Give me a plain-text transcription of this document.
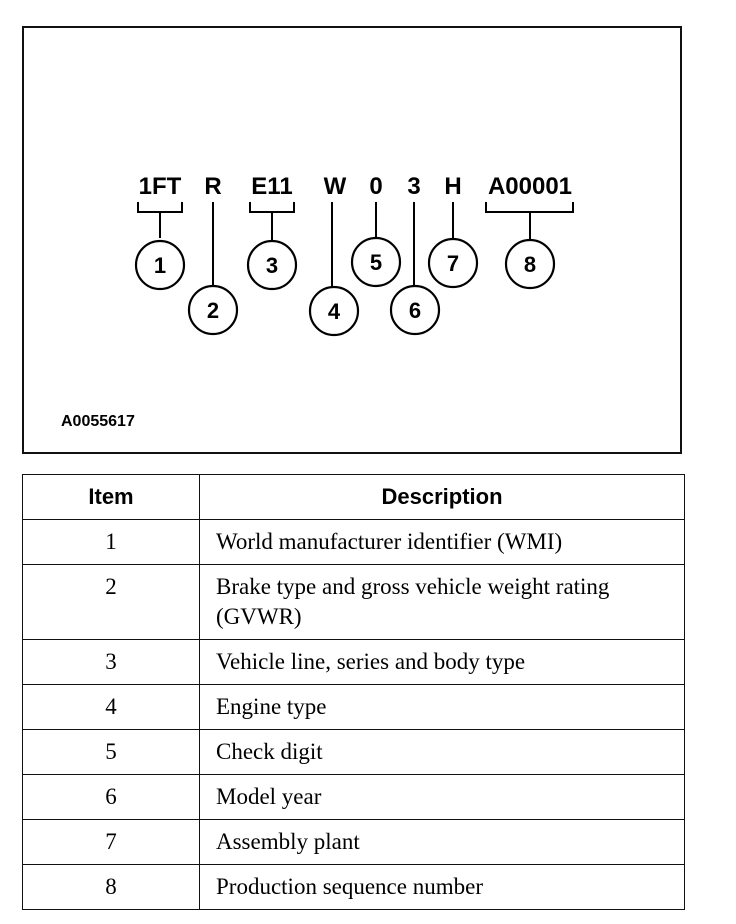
1FT R E11 W 0 3 H A00001
1
2
3
4
5
6
7	8
A0055617
Item	Description
1	World manufacturer identifier (WMI)
2	Brake type and gross vehicle weight rating (GVWR)
3	Vehicle line, series and body type
4	Engine type
5	Check digit
6	Model year
7	Assembly plant
8	Production sequence number
